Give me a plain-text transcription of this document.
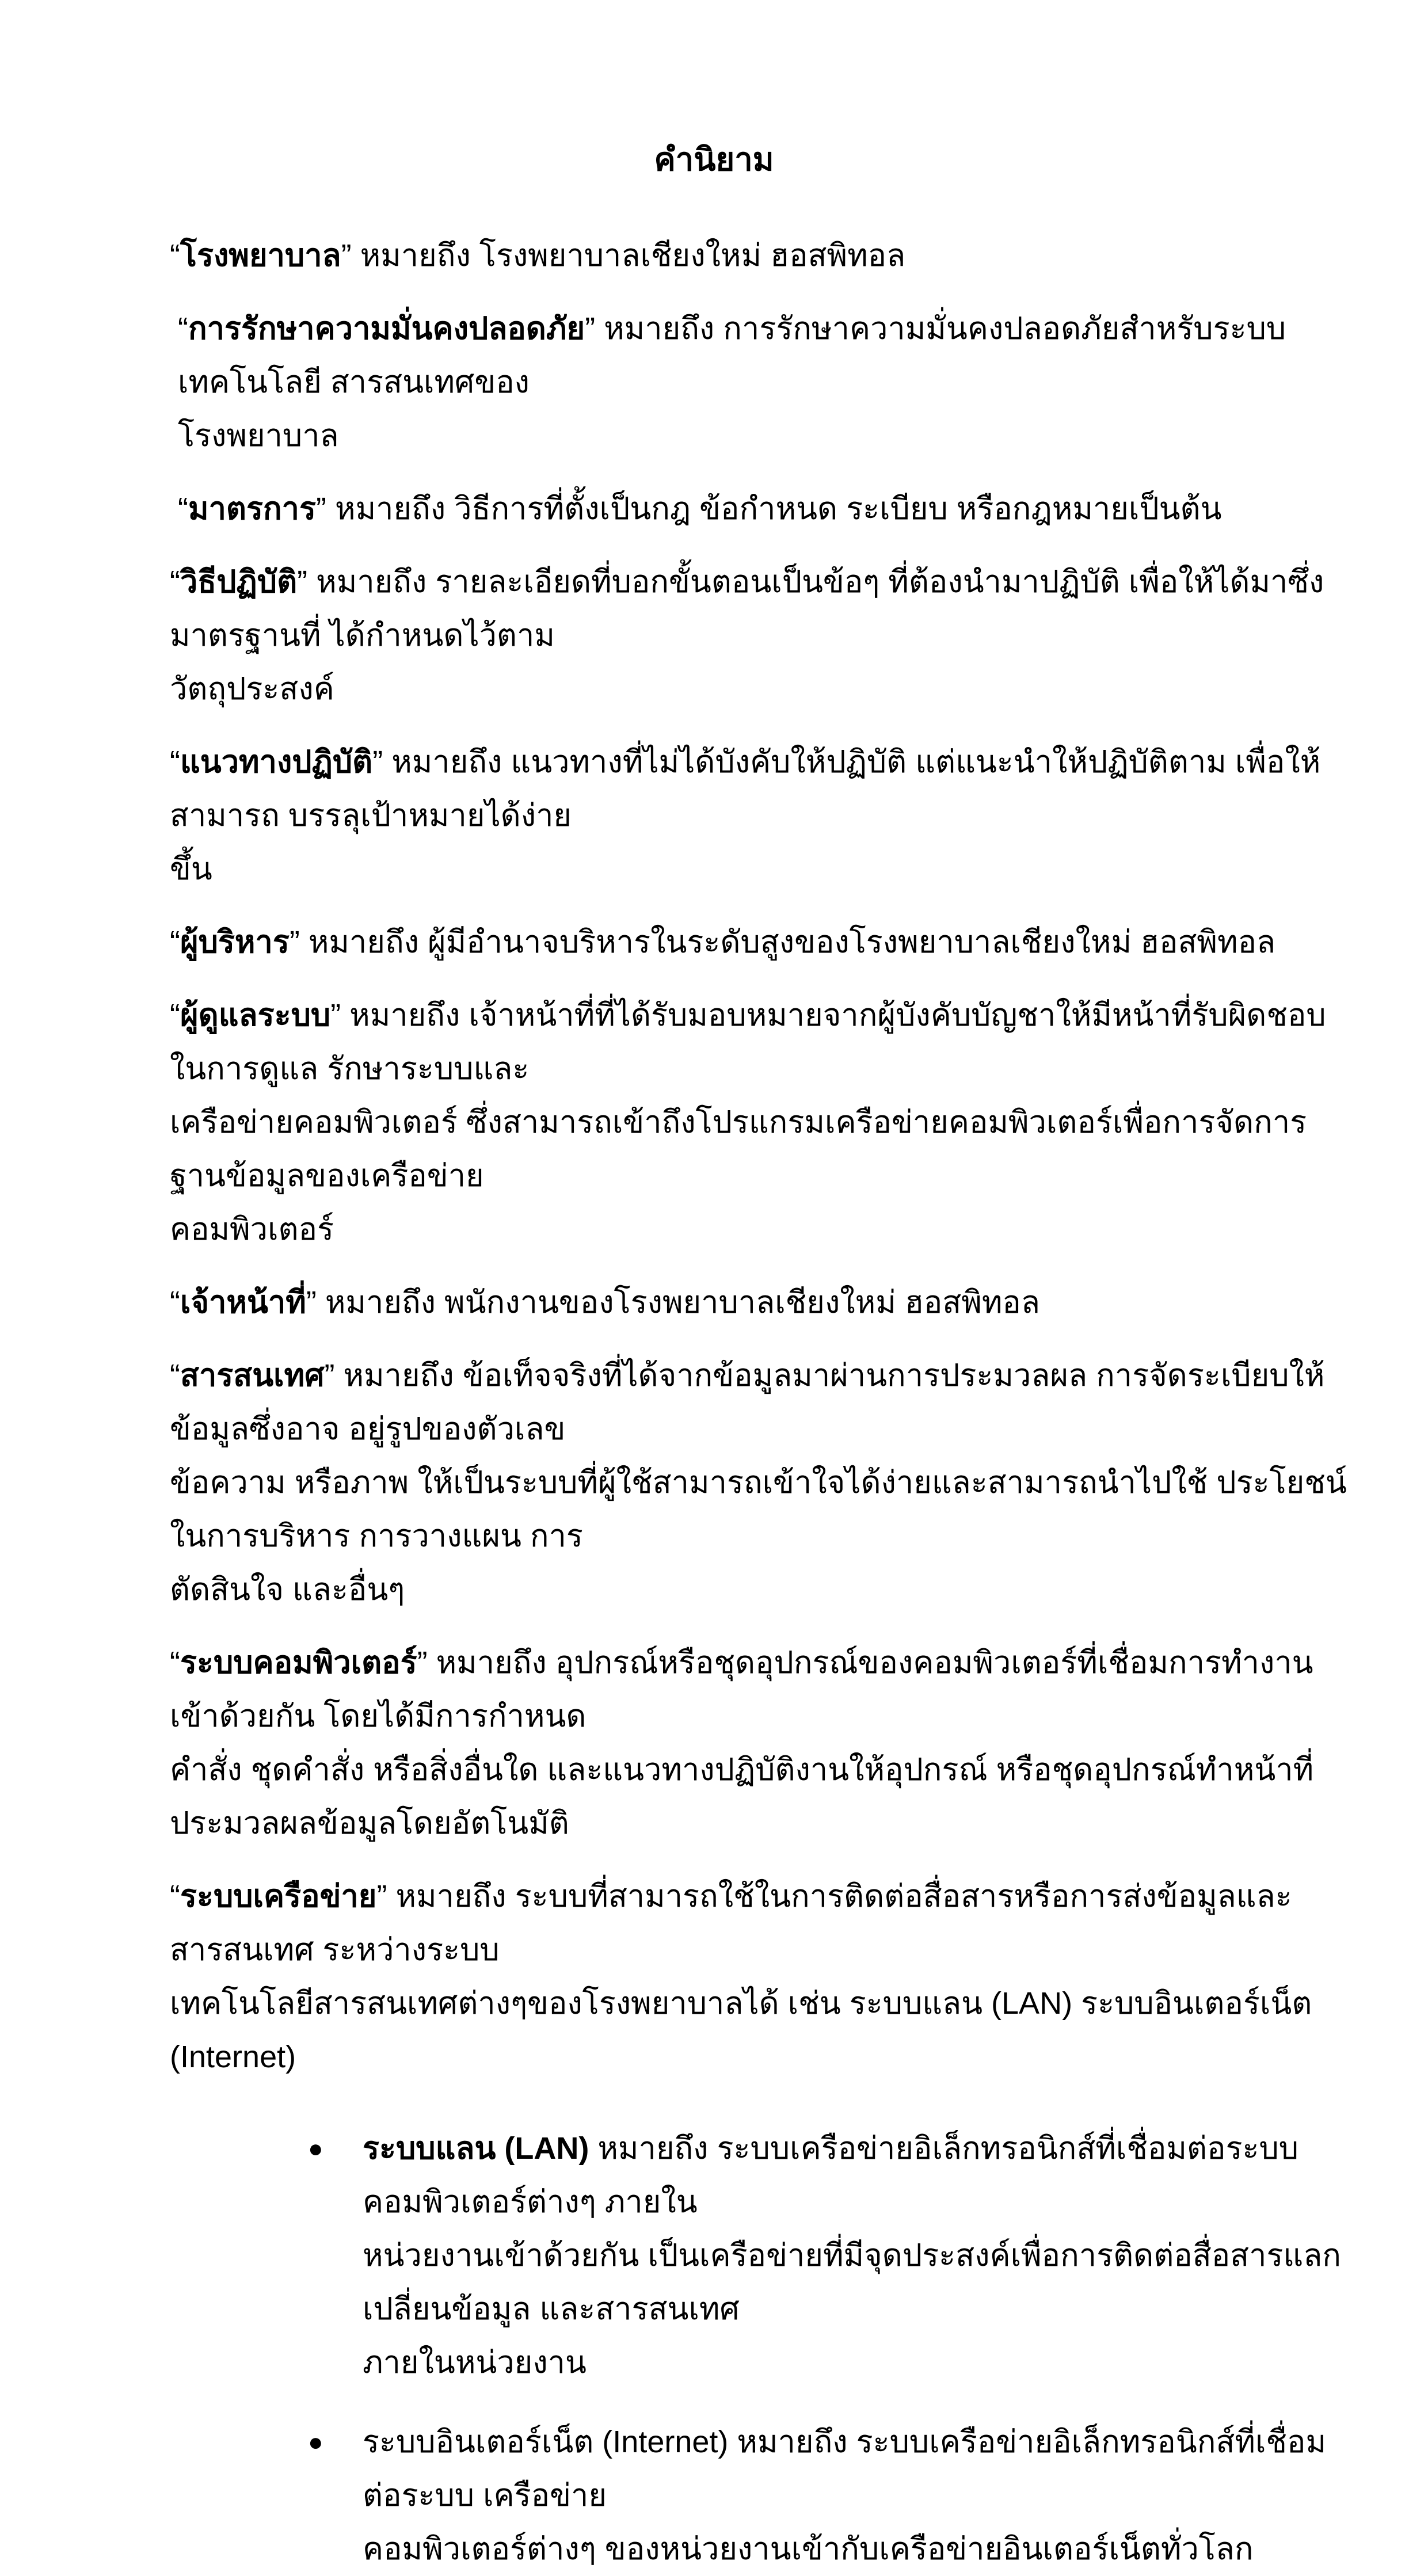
คำนิยาม

“โรงพยาบาล” หมายถึง โรงพยาบาลเชียงใหม่ ฮอสพิทอล

“การรักษาความมั่นคงปลอดภัย” หมายถึง การรักษาความมั่นคงปลอดภัยสำหรับระบบเทคโนโลยี สารสนเทศของ
โรงพยาบาล

“มาตรการ” หมายถึง วิธีการที่ตั้งเป็นกฎ ข้อกำหนด ระเบียบ หรือกฎหมายเป็นต้น

“วิธีปฏิบัติ” หมายถึง รายละเอียดที่บอกขั้นตอนเป็นข้อๆ ที่ต้องนำมาปฏิบัติ เพื่อให้ได้มาซึ่งมาตรฐานที่ ได้กำหนดไว้ตาม
วัตถุประสงค์

“แนวทางปฏิบัติ” หมายถึง แนวทางที่ไม่ได้บังคับให้ปฏิบัติ แต่แนะนำให้ปฏิบัติตาม เพื่อให้สามารถ บรรลุเป้าหมายได้ง่าย
ขึ้น

“ผู้บริหาร” หมายถึง ผู้มีอำนาจบริหารในระดับสูงของโรงพยาบาลเชียงใหม่ ฮอสพิทอล

“ผู้ดูแลระบบ” หมายถึง เจ้าหน้าที่ที่ได้รับมอบหมายจากผู้บังคับบัญชาให้มีหน้าที่รับผิดชอบในการดูแล รักษาระบบและ
เครือข่ายคอมพิวเตอร์ ซึ่งสามารถเข้าถึงโปรแกรมเครือข่ายคอมพิวเตอร์เพื่อการจัดการ ฐานข้อมูลของเครือข่าย
คอมพิวเตอร์

“เจ้าหน้าที่” หมายถึง พนักงานของโรงพยาบาลเชียงใหม่ ฮอสพิทอล

“สารสนเทศ” หมายถึง ข้อเท็จจริงที่ได้จากข้อมูลมาผ่านการประมวลผล การจัดระเบียบให้ข้อมูลซึ่งอาจ อยู่รูปของตัวเลข
ข้อความ หรือภาพ ให้เป็นระบบที่ผู้ใช้สามารถเข้าใจได้ง่ายและสามารถนำไปใช้ ประโยชน์ในการบริหาร การวางแผน การ
ตัดสินใจ และอื่นๆ

“ระบบคอมพิวเตอร์” หมายถึง อุปกรณ์หรือชุดอุปกรณ์ของคอมพิวเตอร์ที่เชื่อมการทำงานเข้าด้วยกัน โดยได้มีการกำหนด
คำสั่ง ชุดคำสั่ง หรือสิ่งอื่นใด และแนวทางปฏิบัติงานให้อุปกรณ์ หรือชุดอุปกรณ์ทำหน้าที่ประมวลผลข้อมูลโดยอัตโนมัติ

“ระบบเครือข่าย” หมายถึง ระบบที่สามารถใช้ในการติดต่อสื่อสารหรือการส่งข้อมูลและสารสนเทศ ระหว่างระบบ
เทคโนโลยีสารสนเทศต่างๆของโรงพยาบาลได้ เช่น ระบบแลน (LAN) ระบบอินเตอร์เน็ต (Internet)

● ระบบแลน (LAN) หมายถึง ระบบเครือข่ายอิเล็กทรอนิกส์ที่เชื่อมต่อระบบคอมพิวเตอร์ต่างๆ ภายใน
หน่วยงานเข้าด้วยกัน เป็นเครือข่ายที่มีจุดประสงค์เพื่อการติดต่อสื่อสารแลกเปลี่ยนข้อมูล และสารสนเทศ
ภายในหน่วยงาน
● ระบบอินเตอร์เน็ต (Internet) หมายถึง ระบบเครือข่ายอิเล็กทรอนิกส์ที่เชื่อมต่อระบบ เครือข่าย
คอมพิวเตอร์ต่างๆ ของหน่วยงานเข้ากับเครือข่ายอินเตอร์เน็ตทั่วโลก
